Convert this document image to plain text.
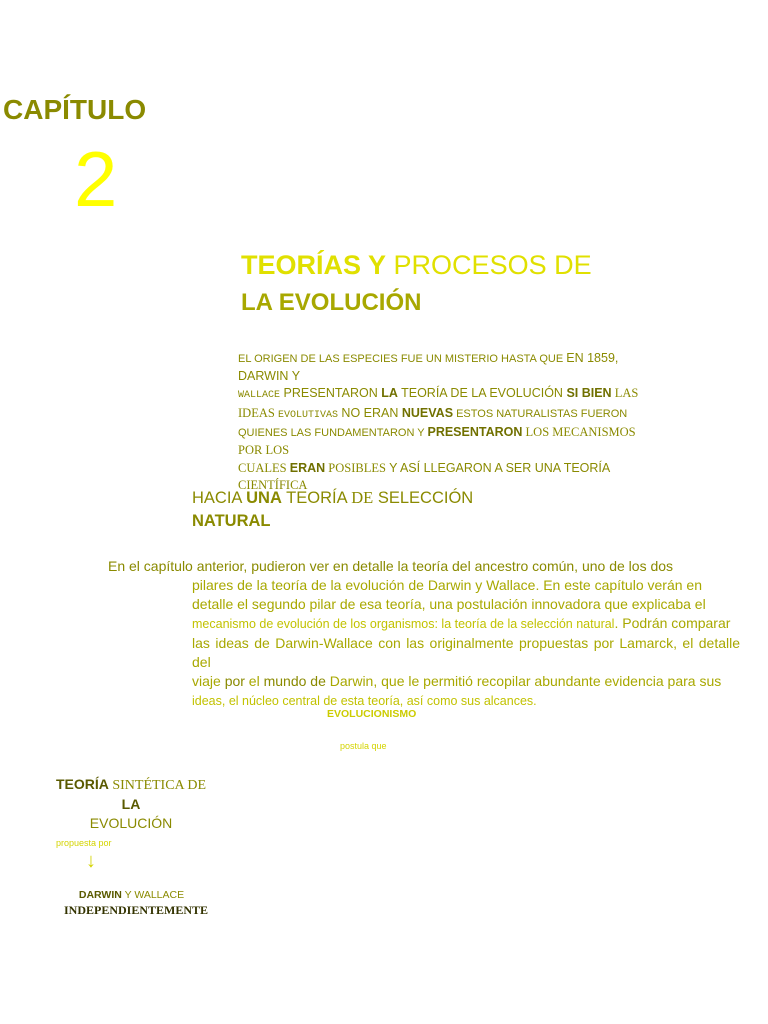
CAPÍTULO
2
TEORÍAS Y PROCESOS DE
LA EVOLUCIÓN
EL ORIGEN DE LAS ESPECIES FUE UN MISTERIO HASTA QUE EN 1859, DARWIN Y
WALLACE PRESENTARON LA TEORÍA DE LA EVOLUCIÓN SI BIEN LAS
IDEAS EVOLUTIVAS NO ERAN NUEVAS ESTOS NATURALISTAS FUERON
QUIENES LAS FUNDAMENTARON Y PRESENTARON LOS MECANISMOS POR LOS
CUALES ERAN POSIBLES Y ASÍ LLEGARON A SER UNA TEORÍA
CIENTÍFICA
HACIA UNA TEORÍA DE SELECCIÓN
NATURAL
En el capítulo anterior, pudieron ver en detalle la teoría del ancestro común, uno de los dos
pilares de la teoría de la evolución de Darwin y Wallace. En este capítulo verán en
detalle el segundo pilar de esa teoría, una postulación innovadora que explicaba el
mecanismo de evolución de los organismos: la teoría de la selección natural. Podrán comparar
las ideas de Darwin-Wallace con las originalmente propuestas por Lamarck, el detalle del
viaje por el mundo de Darwin, que le permitió recopilar abundante evidencia para sus
ideas, el núcleo central de esta teoría, así como sus alcances.
EVOLUCIONISMO
postula que
TEORÍA SINTÉTICA DE LA
EVOLUCIÓN
propuesta por
↓
DARWIN Y WALLACE
INDEPENDIENTEMENTE
